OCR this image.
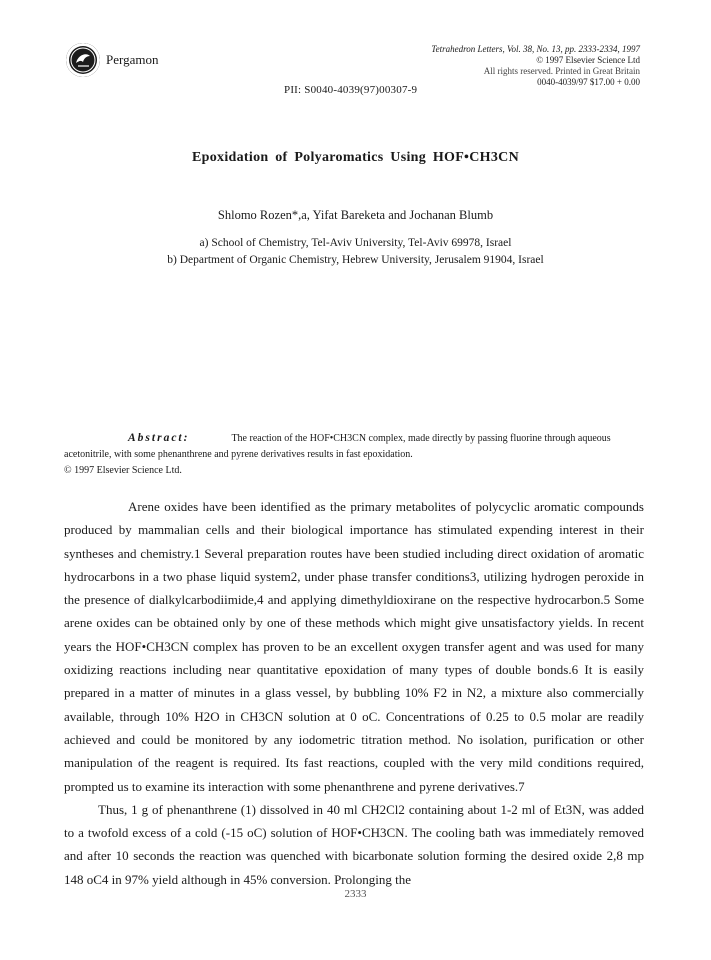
Pergamon
Tetrahedron Letters, Vol. 38, No. 13, pp. 2333-2334, 1997
© 1997 Elsevier Science Ltd
All rights reserved. Printed in Great Britain
0040-4039/97 $17.00 + 0.00
PII: S0040-4039(97)00307-9
Epoxidation of Polyaromatics Using HOF•CH3CN
Shlomo Rozen*,a, Yifat Bareketa and Jochanan Blumb
a) School of Chemistry, Tel-Aviv University, Tel-Aviv 69978, Israel
b) Department of Organic Chemistry, Hebrew University, Jerusalem 91904, Israel
Abstract:	The reaction of the HOF•CH3CN complex, made directly by passing fluorine through aqueous acetonitrile, with some phenanthrene and pyrene derivatives results in fast epoxidation.
© 1997 Elsevier Science Ltd.

Arene oxides have been identified as the primary metabolites of polycyclic aromatic compounds produced by mammalian cells and their biological importance has stimulated expending interest in their syntheses and chemistry.1 Several preparation routes have been studied including direct oxidation of aromatic hydrocarbons in a two phase liquid system2, under phase transfer conditions3, utilizing hydrogen peroxide in the presence of dialkylcarbodiimide,4 and applying dimethyldioxirane on the respective hydrocarbon.5 Some arene oxides can be obtained only by one of these methods which might give unsatisfactory yields. In recent years the HOF•CH3CN complex has proven to be an excellent oxygen transfer agent and was used for many oxidizing reactions including near quantitative epoxidation of many types of double bonds.6 It is easily prepared in a matter of minutes in a glass vessel, by bubbling 10% F2 in N2, a mixture also commercially available, through 10% H2O in CH3CN solution at 0 oC. Concentrations of 0.25 to 0.5 molar are readily achieved and could be monitored by any iodometric titration method. No isolation, purification or other manipulation of the reagent is required. Its fast reactions, coupled with the very mild conditions required, prompted us to examine its interaction with some phenanthrene and pyrene derivatives.7

Thus, 1 g of phenanthrene (1) dissolved in 40 ml CH2Cl2 containing about 1-2 ml of Et3N, was added to a twofold excess of a cold (-15 oC) solution of HOF•CH3CN. The cooling bath was immediately removed and after 10 seconds the reaction was quenched with bicarbonate solution forming the desired oxide 2,8 mp 148 oC4 in 97% yield although in 45% conversion. Prolonging the

2333
